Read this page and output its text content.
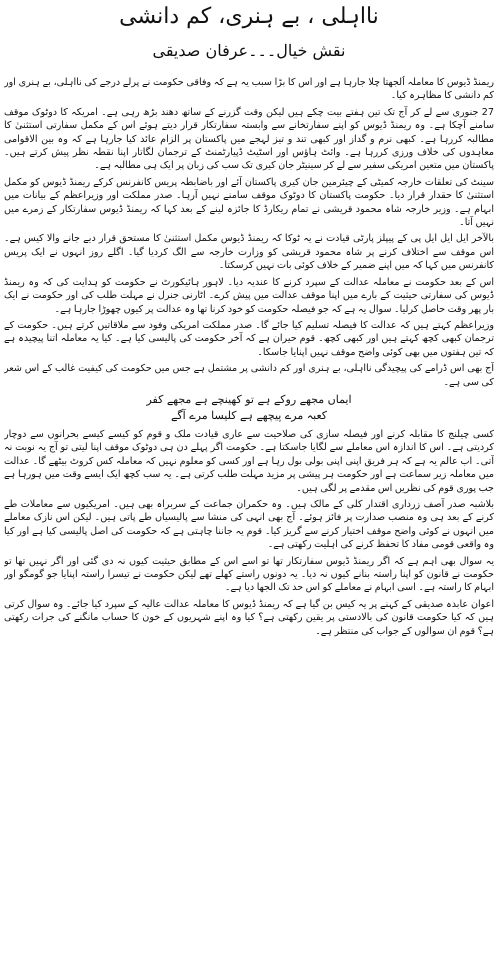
نااہلی ، بے ہنری، کم دانشی
نقش خیال۔۔۔عرفان صدیقی

ریمنڈ ڈیوس کا معاملہ اُلجھتا چلا جارہا ہے اور اس کا بڑا سبب یہ ہے کہ وفاقی حکومت نے پرلے درجے کی نااہلی، بے ہنری اور کم دانشی کا مظاہرہ کیا۔

27 جنوری سے لے کر آج تک تین ہفتے بیت چکے ہیں لیکن وقت گزرنے کے ساتھ دھند بڑھ رہی ہے۔ امریکہ کا دوٹوک موقف سامنے آچکا ہے۔ وہ ریمنڈ ڈیوس کو اپنے سفارتخانے سے وابستہ سفارتکار قرار دیتے ہوئے اس کے مکمل سفارتی استثنیٰ کا مطالبہ کررہا ہے۔ کبھی نرم و گداز اور کبھی تند و تیز لہجے میں پاکستان پر الزام عائد کیا جارہا ہے کہ وہ بین الاقوامی معاہدوں کی خلاف ورزی کررہا ہے۔ وائٹ ہاؤس اور اسٹیٹ ڈپیارٹمنٹ کے ترجمان لگاتار اپنا نقطہ نظر پیش کرتے ہیں۔ پاکستان میں متعین امریکی سفیر سے لے کر سینیٹر جان کیری تک سب کی زبان پر ایک ہی مطالبہ ہے۔

سینٹ کی تعلقات خارجہ کمیٹی کے چیئرمین جان کیری پاکستان آئے اور باضابطہ پریس کانفرنس کرکے ریمنڈ ڈیوس کو مکمل استثنیٰ کا حقدار قرار دیا۔ حکومت پاکستان کا دوٹوک موقف سامنے نہیں آرہا۔ صدر مملکت اور وزیراعظم کے بیانات میں ابہام ہے۔ وزیر خارجہ شاہ محمود قریشی نے تمام ریکارڈ کا جائزہ لینے کے بعد کہا کہ ریمنڈ ڈیوس سفارتکار کے زمرے میں نہیں آتا۔

بالآخر ایل ایل ایل پی کے پیپلز پارٹی قیادت نے یہ ٹوکا کہ ریمنڈ ڈیوس مکمل استثنیٰ کا مستحق قرار دیے جانے والا کیس ہے۔ اس موقف سے اختلاف کرنے پر شاہ محمود قریشی کو وزارت خارجہ سے الگ کردیا گیا۔ اگلے روز انہوں نے ایک پریس کانفرنس میں کہا کہ میں اپنے ضمیر کے خلاف کوئی بات نہیں کرسکتا۔

اس کے بعد حکومت نے معاملہ عدالت کے سپرد کرنے کا عندیہ دیا۔ لاہور ہائیکورٹ نے حکومت کو ہدایت کی کہ وہ ریمنڈ ڈیوس کی سفارتی حیثیت کے بارے میں اپنا موقف عدالت میں پیش کرے۔ اٹارنی جنرل نے مہلت طلب کی اور حکومت نے ایک بار پھر وقت حاصل کرلیا۔ سوال یہ ہے کہ جو فیصلہ حکومت کو خود کرنا تھا وہ عدالت پر کیوں چھوڑا جارہا ہے۔

وزیراعظم کہتے ہیں کہ عدالت کا فیصلہ تسلیم کیا جائے گا۔ صدر مملکت امریکی وفود سے ملاقاتیں کرتے ہیں۔ حکومت کے ترجمان کبھی کچھ کہتے ہیں اور کبھی کچھ۔ قوم حیران ہے کہ آخر حکومت کی پالیسی کیا ہے۔ کیا یہ معاملہ اتنا پیچیدہ ہے کہ تین ہفتوں میں بھی کوئی واضح موقف نہیں اپنایا جاسکا۔

آج بھی اس ڈرامے کی پیچیدگی نااہلی، بے ہنری اور کم دانشی پر مشتمل ہے جس میں حکومت کی کیفیت غالب کے اس شعر کی سی ہے۔

ایماں مجھے روکے ہے تو کھینچے ہے مجھے کفر
کعبہ مرے پیچھے ہے کلیسا مرے آگے

کسی چیلنج کا مقابلہ کرنے اور فیصلہ سازی کی صلاحیت سے عاری قیادت ملک و قوم کو کیسے کیسے بحرانوں سے دوچار کردیتی ہے۔ اس کا اندازہ اس معاملے سے لگایا جاسکتا ہے۔ حکومت اگر پہلے دن ہی دوٹوک موقف اپنا لیتی تو آج یہ نوبت نہ آتی۔ اب عالم یہ ہے کہ ہر فریق اپنی اپنی بولی بول رہا ہے اور کسی کو معلوم نہیں کہ معاملہ کس کروٹ بیٹھے گا۔ عدالت میں معاملہ زیر سماعت ہے اور حکومت ہر پیشی پر مزید مہلت طلب کرتی ہے۔ یہ سب کچھ ایک ایسے وقت میں ہورہا ہے جب پوری قوم کی نظریں اس مقدمے پر لگی ہیں۔

بلاشبہ صدر آصف زرداری اقتدار کلی کے مالک ہیں۔ وہ حکمران جماعت کے سربراہ بھی ہیں۔ امریکیوں سے معاملات طے کرنے کے بعد ہی وہ منصب صدارت پر فائز ہوئے۔ آج بھی انہی کی منشا سے پالیسیاں طے پاتی ہیں۔ لیکن اس نازک معاملے میں انہوں نے کوئی واضح موقف اختیار کرنے سے گریز کیا۔ قوم یہ جاننا چاہتی ہے کہ حکومت کی اصل پالیسی کیا ہے اور کیا وہ واقعی قومی مفاد کا تحفظ کرنے کی اہلیت رکھتی ہے۔

یہ سوال بھی اہم ہے کہ اگر ریمنڈ ڈیوس سفارتکار تھا تو اسے اس کے مطابق حیثیت کیوں نہ دی گئی اور اگر نہیں تھا تو حکومت نے قانون کو اپنا راستہ بنانے کیوں نہ دیا۔ یہ دونوں راستے کھلے تھے لیکن حکومت نے تیسرا راستہ اپنایا جو گومگو اور ابہام کا راستہ ہے۔ اسی ابہام نے معاملے کو اس حد تک الجھا دیا ہے۔

اعوان عابدہ صدیقی کے کہنے پر یہ کیس بن گیا ہے کہ ریمنڈ ڈیوس کا معاملہ عدالت عالیہ کے سپرد کیا جائے۔ وہ سوال کرتی ہیں کہ کیا حکومت قانون کی بالادستی پر یقین رکھتی ہے؟ کیا وہ اپنے شہریوں کے خون کا حساب مانگنے کی جرات رکھتی ہے؟ قوم ان سوالوں کے جواب کی منتظر ہے۔
